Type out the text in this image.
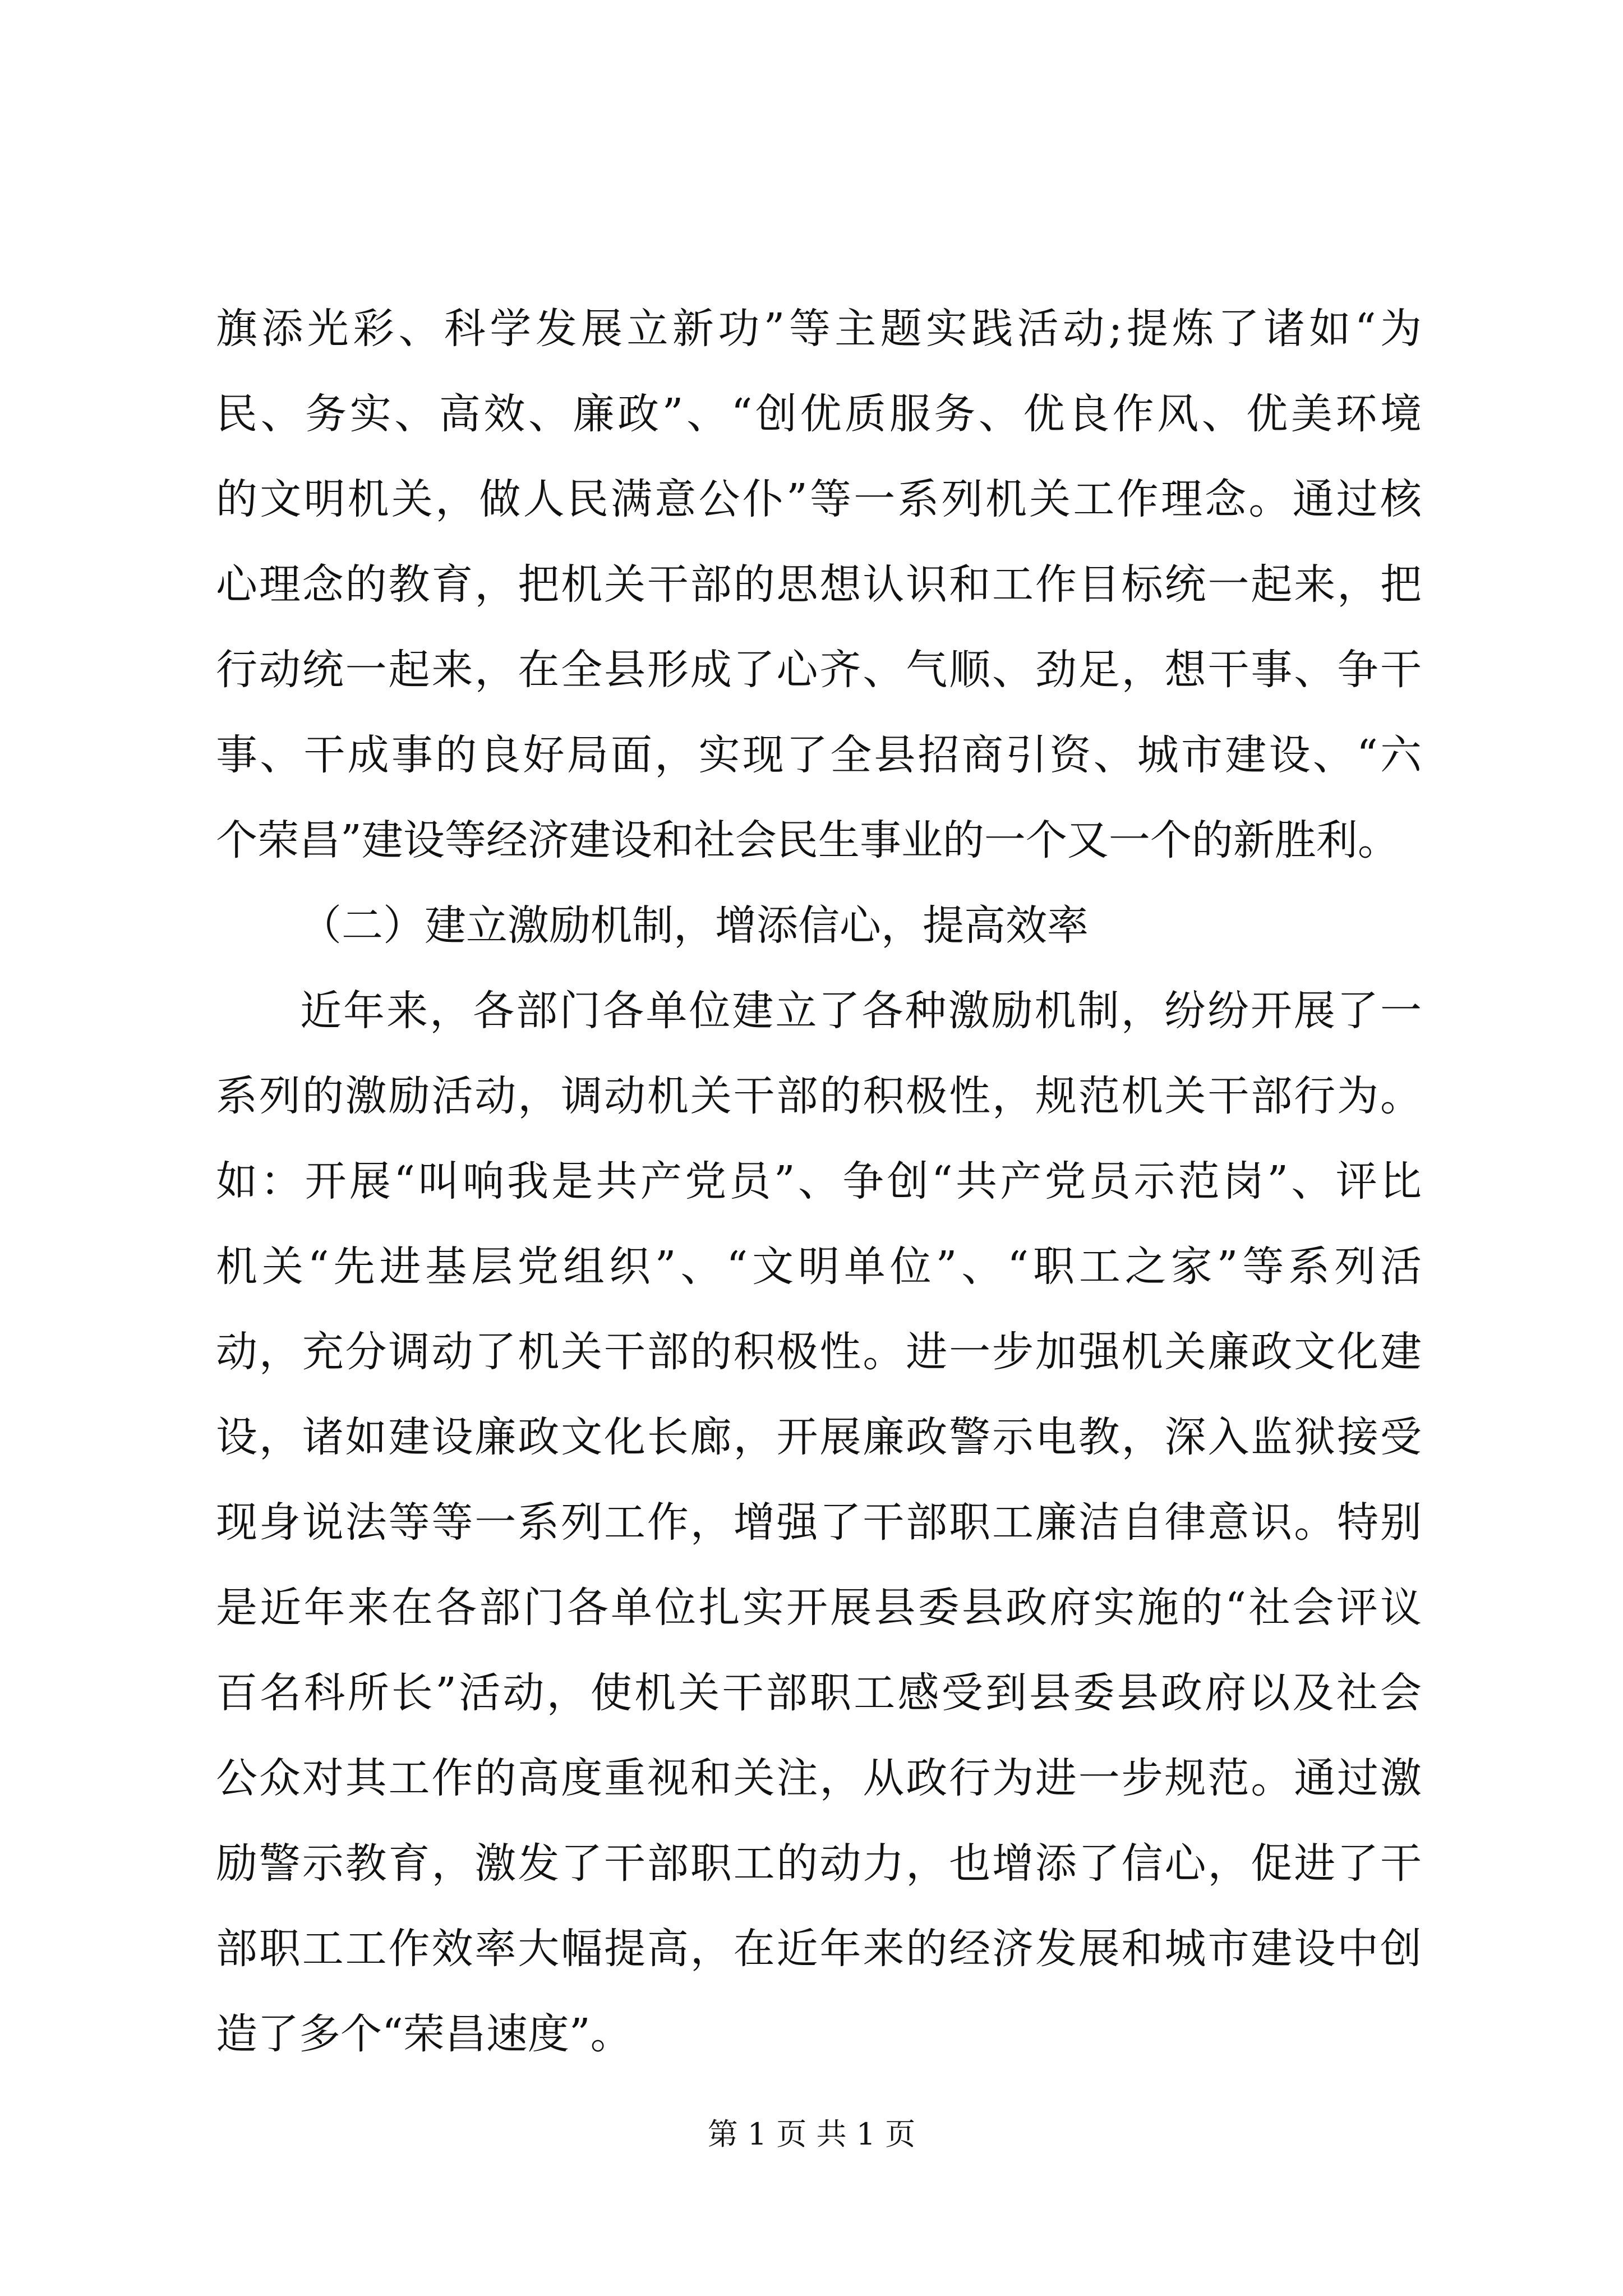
旗添光彩、科学发展立新功”等主题实践活动;提炼了诸如“为
民、务实、高效、廉政”、“创优质服务、优良作风、优美环境
的文明机关，做人民满意公仆”等一系列机关工作理念。通过核
心理念的教育，把机关干部的思想认识和工作目标统一起来，把
行动统一起来，在全县形成了心齐、气顺、劲足，想干事、争干
事、干成事的良好局面，实现了全县招商引资、城市建设、“六
个荣昌”建设等经济建设和社会民生事业的一个又一个的新胜利。
（二）建立激励机制，增添信心，提高效率
近年来，各部门各单位建立了各种激励机制，纷纷开展了一
系列的激励活动，调动机关干部的积极性，规范机关干部行为。
如：开展“叫响我是共产党员”、争创“共产党员示范岗”、评比
机关“先进基层党组织”、“文明单位”、“职工之家”等系列活
动，充分调动了机关干部的积极性。进一步加强机关廉政文化建
设，诸如建设廉政文化长廊，开展廉政警示电教，深入监狱接受
现身说法等等一系列工作，增强了干部职工廉洁自律意识。特别
是近年来在各部门各单位扎实开展县委县政府实施的“社会评议
百名科所长”活动，使机关干部职工感受到县委县政府以及社会
公众对其工作的高度重视和关注，从政行为进一步规范。通过激
励警示教育，激发了干部职工的动力，也增添了信心，促进了干
部职工工作效率大幅提高，在近年来的经济发展和城市建设中创
造了多个“荣昌速度”。
第 1 页 共 1 页
